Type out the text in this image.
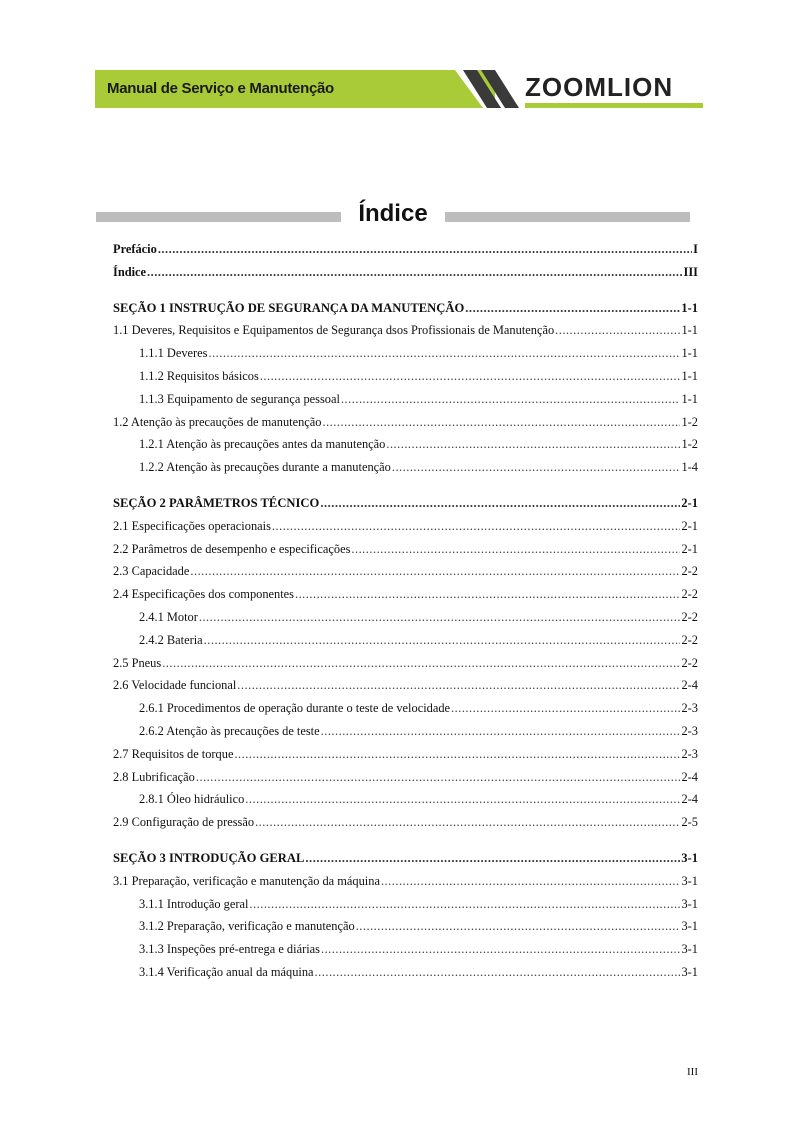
Manual de Serviço e Manutenção	ZOOMLION
Índice
Prefácio .....	I
Índice .....	III
SEÇÃO 1 INSTRUÇÃO DE SEGURANÇA DA MANUTENÇÃO .....	1-1
1.1 Deveres, Requisitos e Equipamentos de Segurança dsos Profissionais de Manutenção .....	1-1
1.1.1 Deveres .....	1-1
1.1.2 Requisitos básicos .....	1-1
1.1.3 Equipamento de segurança pessoal .....	1-1
1.2 Atenção às precauções de manutenção .....	1-2
1.2.1 Atenção às precauções antes da manutenção .....	1-2
1.2.2 Atenção às precauções durante a manutenção .....	1-4
SEÇÃO 2 PARÂMETROS TÉCNICO .....	2-1
2.1 Especificações operacionais .....	2-1
2.2 Parâmetros de desempenho e especificações .....	2-1
2.3 Capacidade .....	2-2
2.4 Especificações dos componentes .....	2-2
2.4.1 Motor .....	2-2
2.4.2 Bateria .....	2-2
2.5 Pneus .....	2-2
2.6 Velocidade funcional .....	2-4
2.6.1 Procedimentos de operação durante o teste de velocidade .....	2-3
2.6.2 Atenção às precauções de teste .....	2-3
2.7 Requisitos de torque .....	2-3
2.8 Lubrificação .....	2-4
2.8.1 Óleo hidráulico .....	2-4
2.9 Configuração de pressão .....	2-5
SEÇÃO 3 INTRODUÇÃO GERAL .....	3-1
3.1 Preparação, verificação e manutenção da máquina .....	3-1
3.1.1 Introdução geral .....	3-1
3.1.2 Preparação, verificação e manutenção .....	3-1
3.1.3 Inspeções pré-entrega e diárias .....	3-1
3.1.4 Verificação anual da máquina .....	3-1
III
